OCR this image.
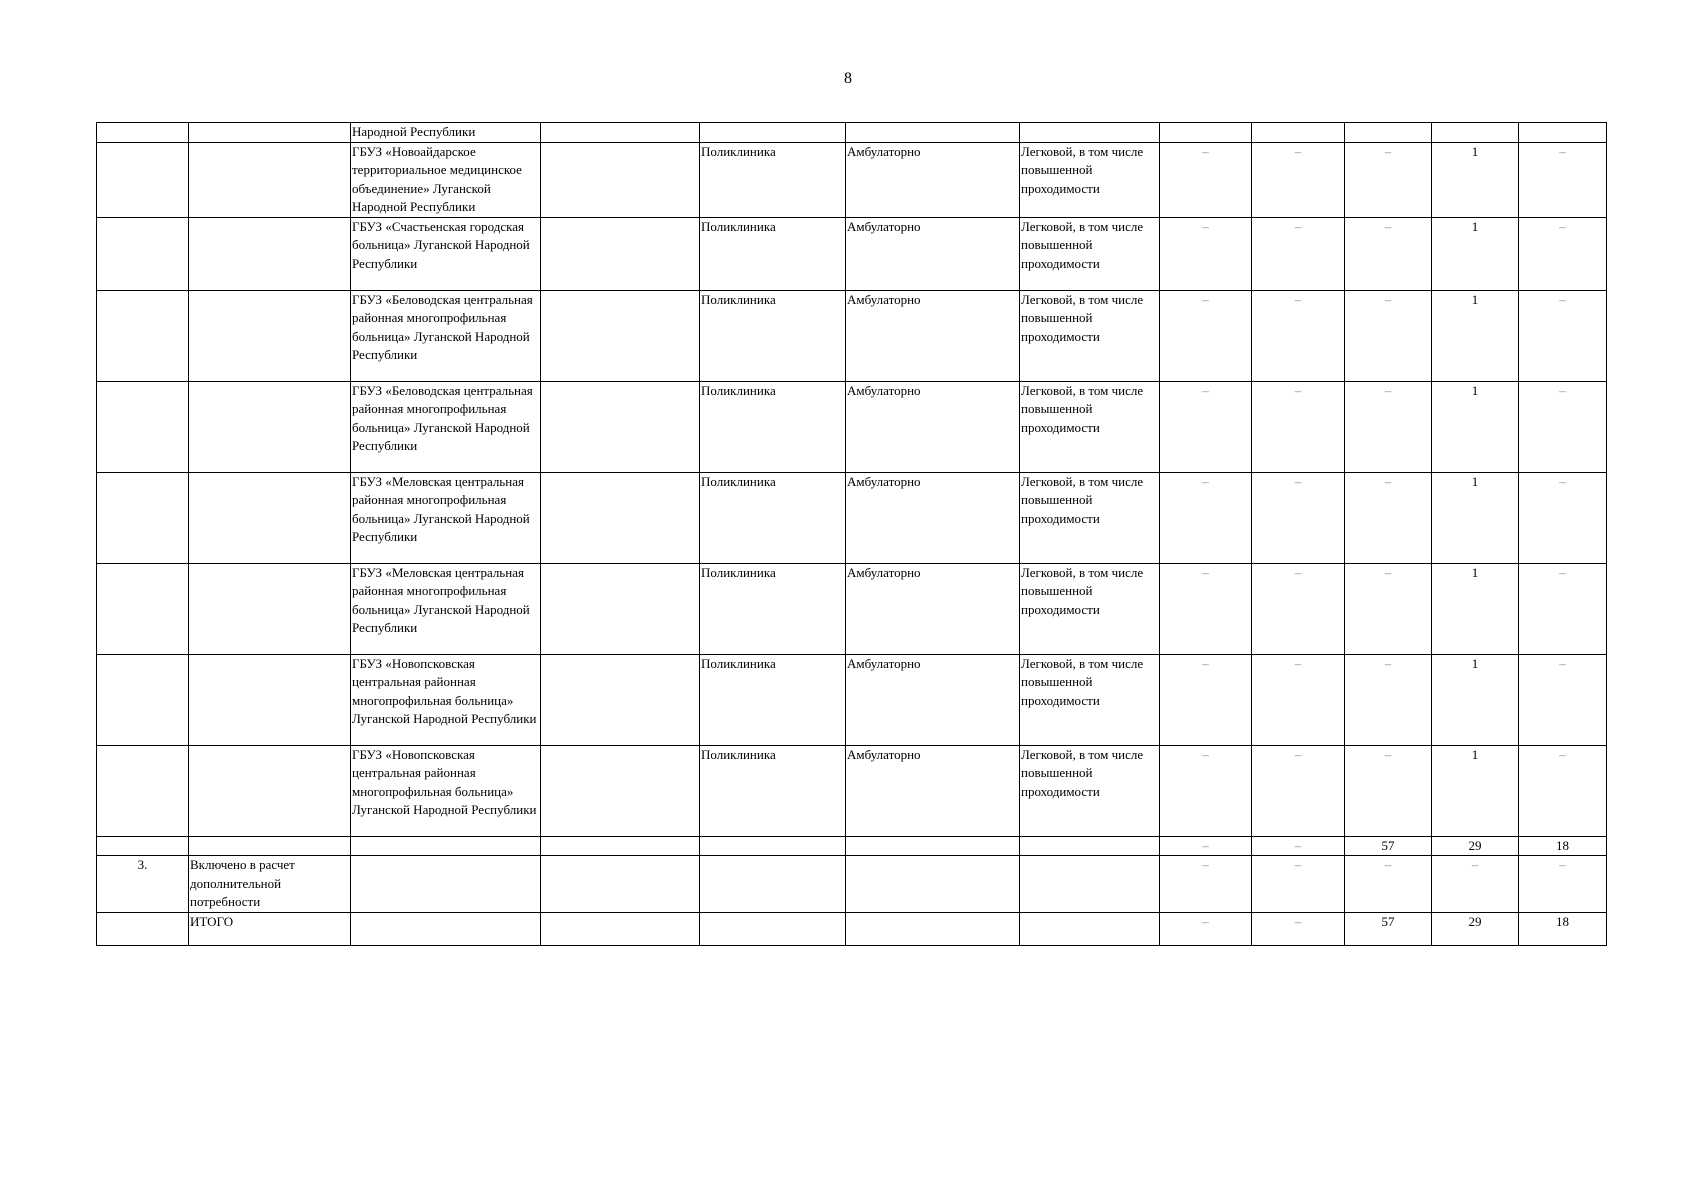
8
		Народной Республики									
		ГБУЗ «Новоайдарское территориальное медицинское объединение» Луганской Народной Республики		Поликлиника	Амбулаторно	Легковой, в том числе повышенной проходимости	–	–	–	1	–
		ГБУЗ «Счастьенская городская больница» Луганской Народной Республики		Поликлиника	Амбулаторно	Легковой, в том числе повышенной проходимости	–	–	–	1	–
		ГБУЗ «Беловодская центральная районная многопрофильная больница» Луганской Народной Республики		Поликлиника	Амбулаторно	Легковой, в том числе повышенной проходимости	–	–	–	1	–
		ГБУЗ «Беловодская центральная районная многопрофильная больница» Луганской Народной Республики		Поликлиника	Амбулаторно	Легковой, в том числе повышенной проходимости	–	–	–	1	–
		ГБУЗ «Меловская центральная районная многопрофильная больница» Луганской Народной Республики		Поликлиника	Амбулаторно	Легковой, в том числе повышенной проходимости	–	–	–	1	–
		ГБУЗ «Меловская центральная районная многопрофильная больница» Луганской Народной Республики		Поликлиника	Амбулаторно	Легковой, в том числе повышенной проходимости	–	–	–	1	–
		ГБУЗ «Новопсковская центральная районная многопрофильная больница» Луганской Народной Республики		Поликлиника	Амбулаторно	Легковой, в том числе повышенной проходимости	–	–	–	1	–
		ГБУЗ «Новопсковская центральная районная многопрофильная больница» Луганской Народной Республики		Поликлиника	Амбулаторно	Легковой, в том числе повышенной проходимости	–	–	–	1	–
							–	–	57	29	18
3.	Включено в расчет дополнительной потребности						–	–	–	–	–
	ИТОГО						–	–	57	29	18
